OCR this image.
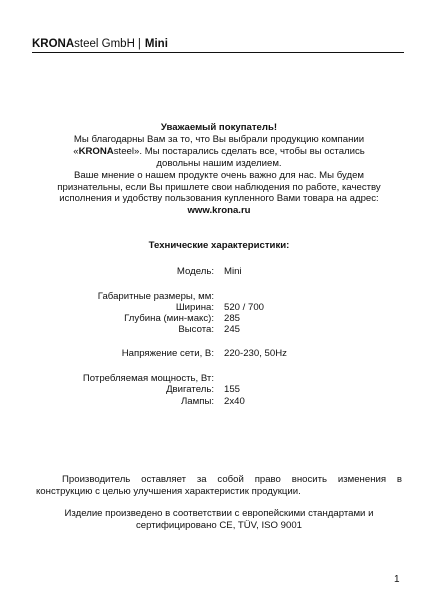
KRONAsteel GmbH | Mini
Уважаемый покупатель!
Мы благодарны Вам за то, что Вы выбрали продукцию компании
«KRONAsteel». Мы постарались сделать все, чтобы вы остались
довольны нашим изделием.
Ваше мнение о нашем продукте очень важно для нас. Мы будем
признательны, если Вы пришлете свои наблюдения по работе, качеству
исполнения и удобству пользования купленного Вами товара на адрес:
www.krona.ru
Технические характеристики:
Модель: Mini
Габаритные размеры, мм:
Ширина: 520 / 700
Глубина (мин-макс): 285
Высота: 245
Напряжение сети, В: 220-230, 50Hz
Потребляемая мощность, Вт:
Двигатель: 155
Лампы: 2х40
Производитель оставляет за собой право вносить изменения в конструкцию с целью улучшения характеристик продукции.
Изделие произведено в соответствии с европейскими стандартами и
сертифицировано CE, TÜV, ISO 9001
1
